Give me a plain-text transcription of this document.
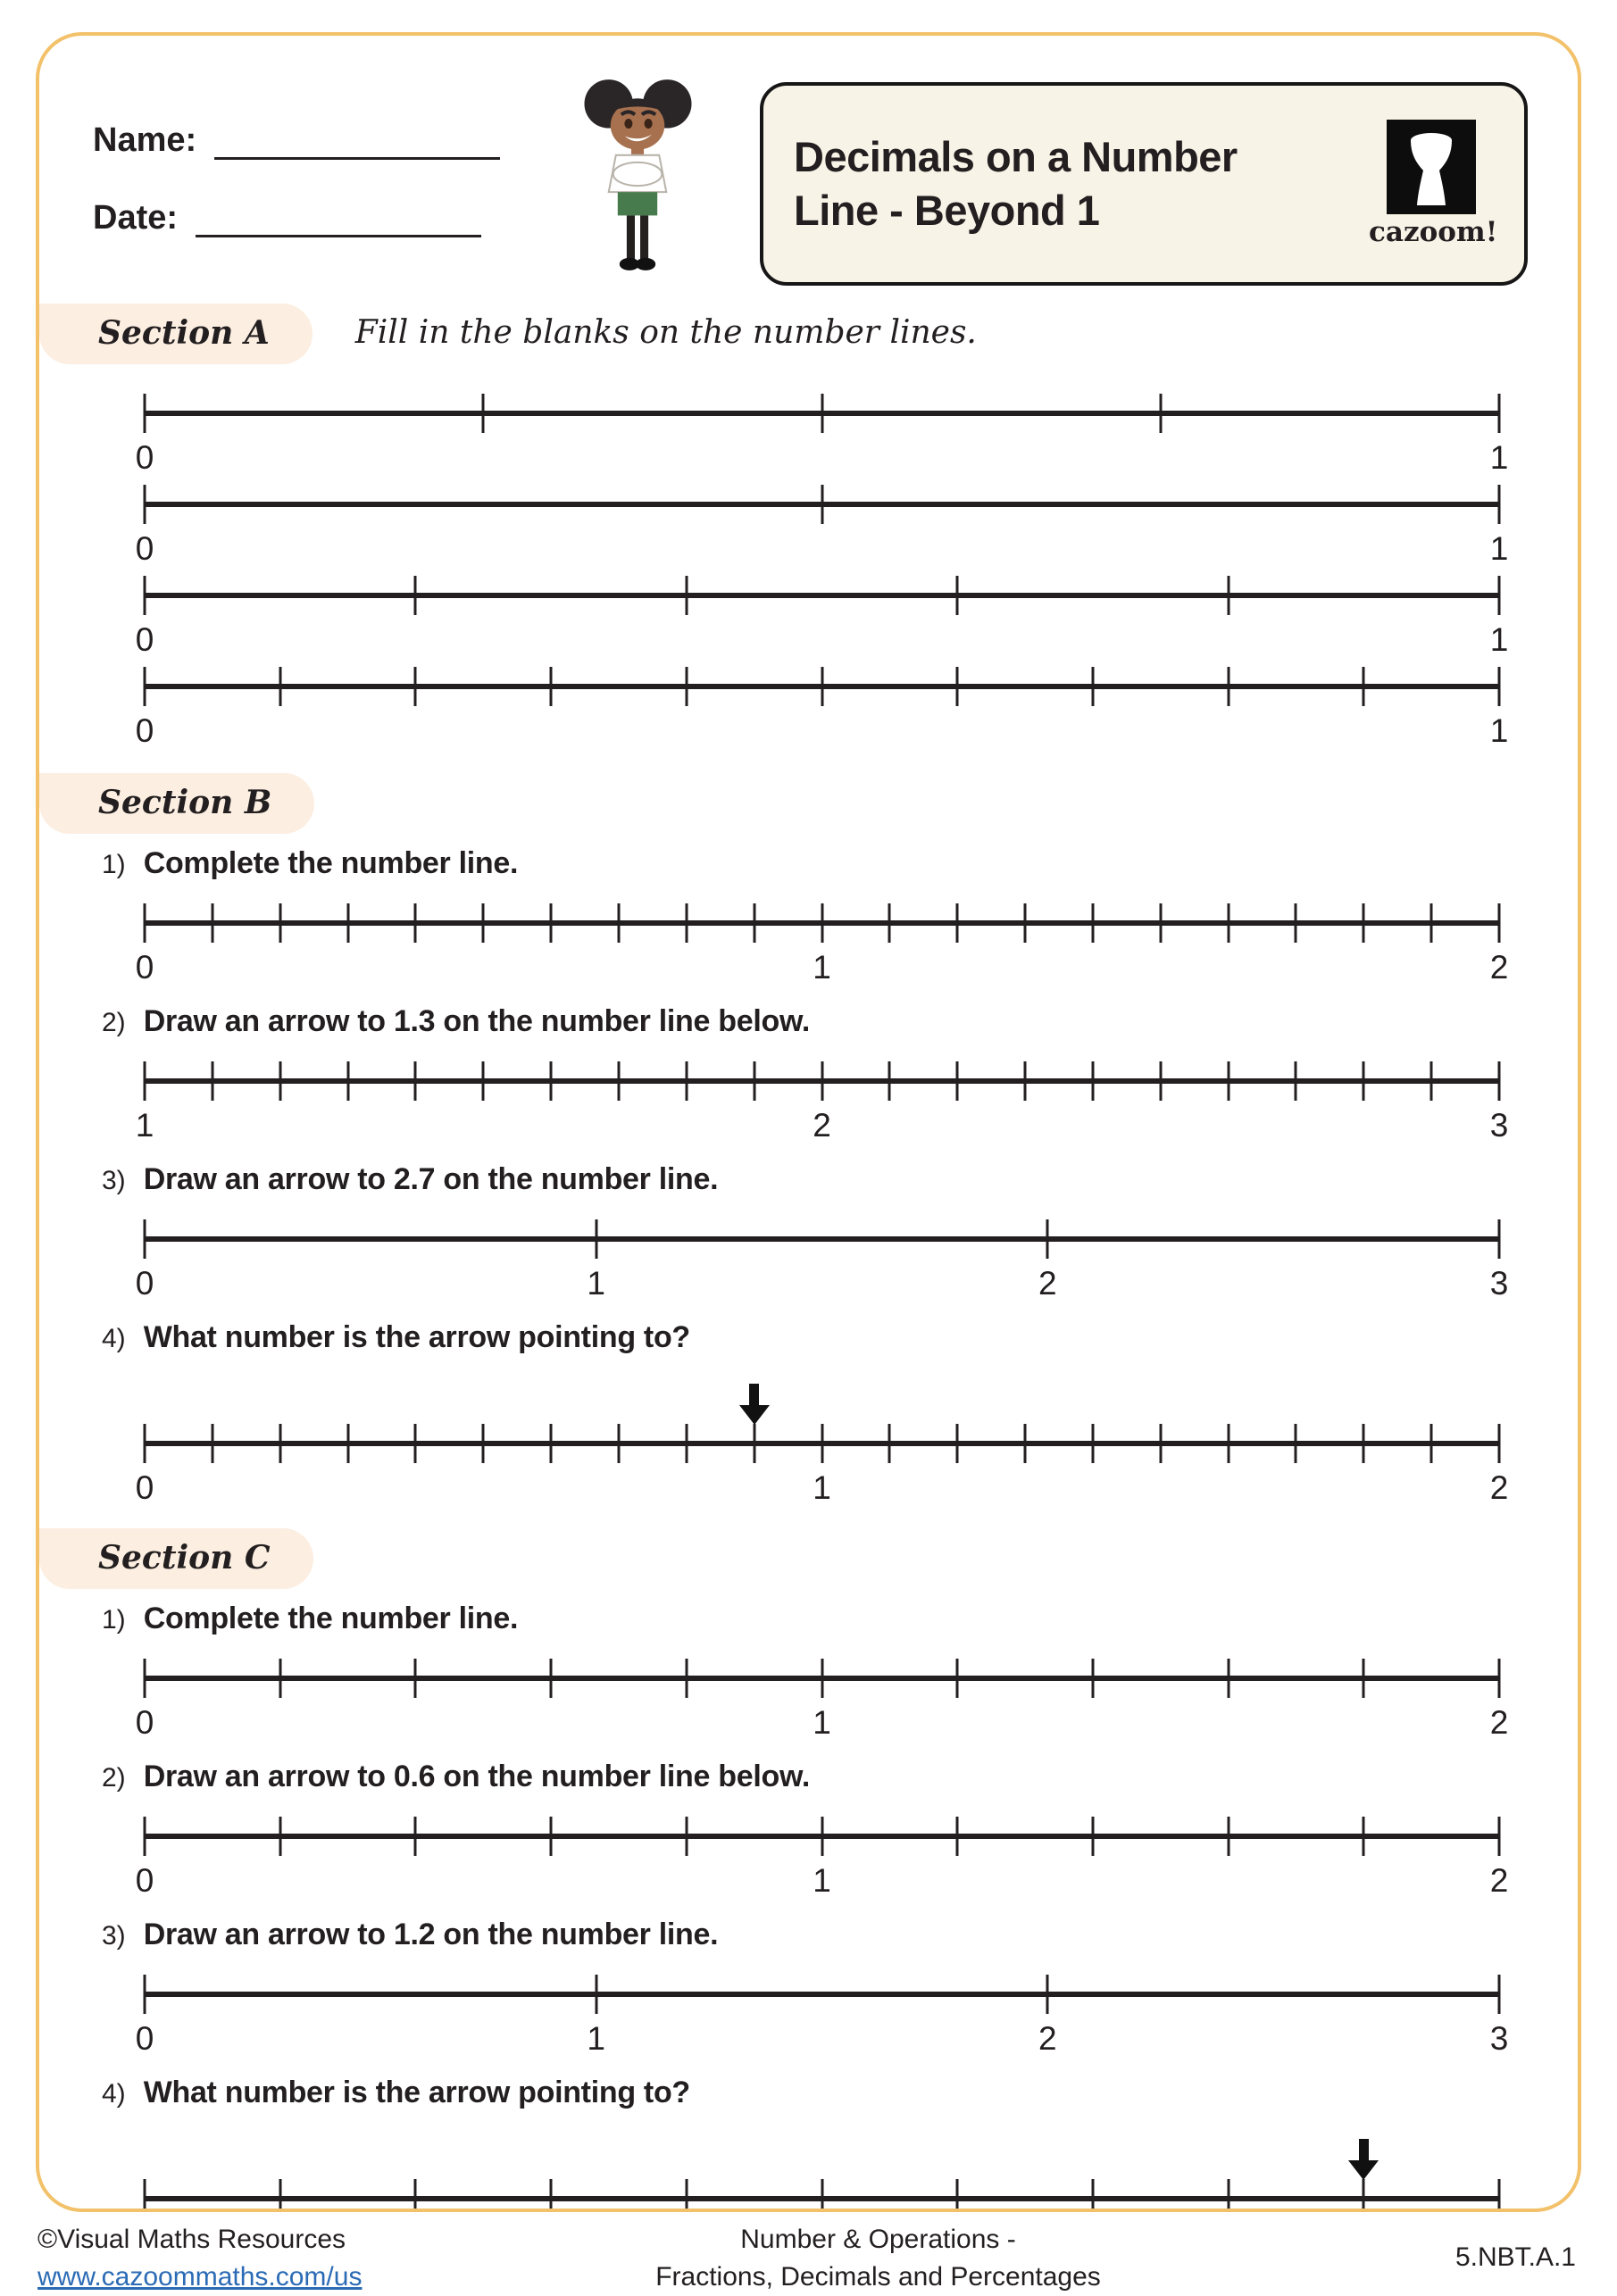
Name:
Date:
Decimals on a Number Line - Beyond 1	cazoom!
Section A	Fill in the blanks on the number lines.
0	1
0	1
0	1
0	1
Section B
1) Complete the number line.
0	1	2
2) Draw an arrow to 1.3 on the number line below.
1	2	3
3) Draw an arrow to 2.7 on the number line.
0	1	2	3
4) What number is the arrow pointing to?
0	1	2
Section C
1) Complete the number line.
0	1	2
2) Draw an arrow to 0.6 on the number line below.
0	1	2
3) Draw an arrow to 1.2 on the number line.
0	1	2	3
4) What number is the arrow pointing to?
©Visual Maths Resources
www.cazoommaths.com/us
Number & Operations -
Fractions, Decimals and Percentages
5.NBT.A.1
